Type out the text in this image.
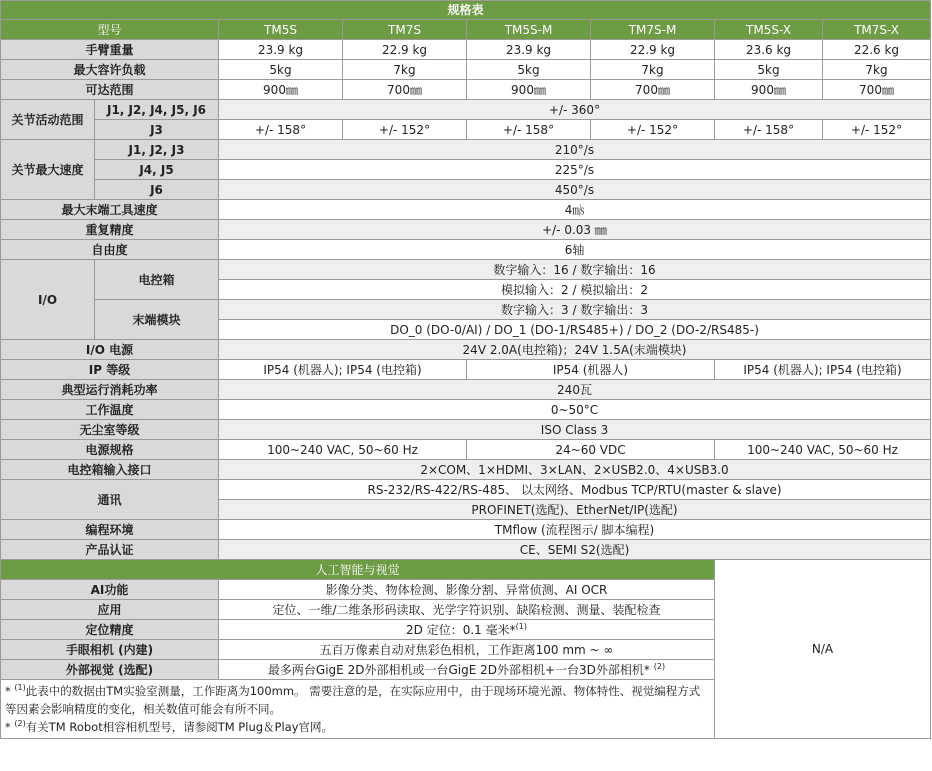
规格表							
型号		TM5S	TM7S	TM5S-M	TM7S-M	TM5S-X	TM7S-X
手臂重量		23.9 kg	22.9 kg	23.9 kg	22.9 kg	23.6 kg	22.6 kg
最大容许负载		5kg	7kg	5kg	7kg	5kg	7kg
可达范围		900㎜	700㎜	900㎜	700㎜	900㎜	700㎜
关节活动范围	J1, J2, J4, J5, J6	+/- 360°					
	J3	+/- 158°	+/- 152°	+/- 158°	+/- 152°	+/- 158°	+/- 152°
关节最大速度	J1, J2, J3	210°/s					
	J4, J5	225°/s					
	J6	450°/s					
最大末端工具速度		4㎧					
重复精度		+/- 0.03 ㎜					
自由度		6轴					
I/O	电控箱	数字输入：16 / 数字输出：16					
		模拟输入：2 / 模拟输出：2					
	末端模块	数字输入：3 / 数字输出：3					
		DO_0 (DO-0/AI) / DO_1 (DO-1/RS485+) / DO_2 (DO-2/RS485-)					
I/O 电源		24V 2.0A(电控箱)；24V 1.5A(末端模块)					
IP 等级		IP54 (机器人); IP54 (电控箱)		IP54 (机器人)		IP54 (机器人); IP54 (电控箱)	
典型运行消耗功率		240瓦					
工作温度		0~50°C					
无尘室等级		ISO Class 3					
电源规格		100~240 VAC, 50~60 Hz		24~60 VDC		100~240 VAC, 50~60 Hz	
电控箱输入接口		2×COM、1×HDMI、3×LAN、2×USB2.0、4×USB3.0					
通讯		RS-232/RS-422/RS-485、 以太网络、Modbus TCP/RTU(master & slave)					
		PROFINET(选配)、EtherNet/IP(选配)					
编程环境		TMflow (流程图示/ 脚本编程)					
产品认证		CE、SEMI S2(选配)					
人工智能与视觉						N/A	
AI功能		影像分类、物体检测、影像分割、异常侦测、AI OCR					
应用		定位、一维/二维条形码读取、光学字符识别、缺陷检测、测量、装配检查					
定位精度		2D 定位：0.1 毫米*$^{(1)}$
手眼相机 (内建)		五百万像素自动对焦彩色相机，工作距离100 mm ~ ∞					
外部视觉 (选配)		最多两台GigE 2D外部相机或一台GigE 2D外部相机+一台3D外部相机* $^{(2)}$

* $^{(1)}$此表中的数据由TM实验室测量，工作距离为100mm。 需要注意的是，在实际应用中，由于现场环境光源、物体特性、视觉编程方式等因素会影响精度的变化，相关数值可能会有所不同。
* $^{(2)}$有关TM Robot相容相机型号，请参阅TM Plug＆Play官网。							
